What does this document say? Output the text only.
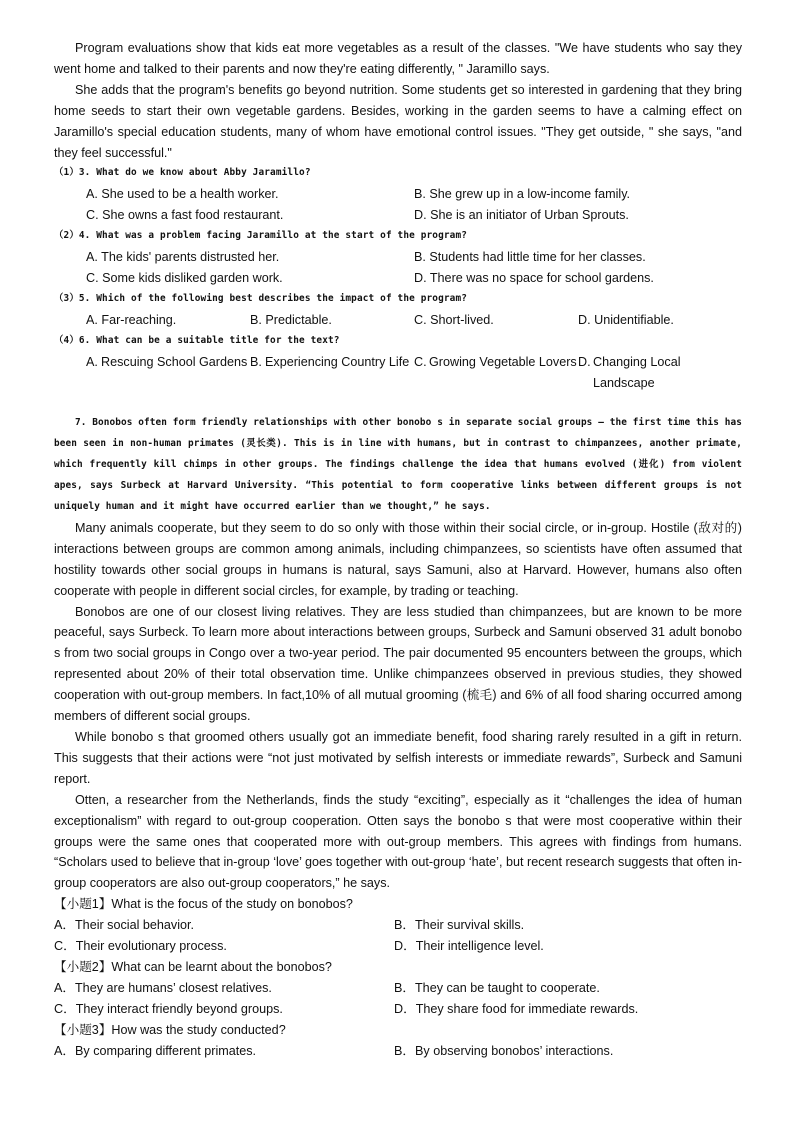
Program evaluations show that kids eat more vegetables as a result of the classes. "We have students who say they went home and talked to their parents and now they're eating differently, " Jaramillo says.

She adds that the program's benefits go beyond nutrition. Some students get so interested in gardening that they bring home seeds to start their own vegetable gardens. Besides, working in the garden seems to have a calming effect on Jaramillo's special education students, many of whom have emotional control issues. "They get outside, " she says, "and they feel successful."

（1）3. What do we know about Abby Jaramillo?

A. She used to be a health worker.	B. She grew up in a low-income family.
C. She owns a fast food restaurant.	D. She is an initiator of Urban Sprouts.

（2）4. What was a problem facing Jaramillo at the start of the program?

A. The kids' parents distrusted her.	B. Students had little time for her classes.
C. Some kids disliked garden work.	D. There was no space for school gardens.

（3）5. Which of the following best describes the impact of the program?

A. Far-reaching.	B. Predictable.	C. Short-lived.	D. Unidentifiable.

（4）6. What can be a suitable title for the text?

A. Rescuing School Gardens B. Experiencing Country Life C. Growing Vegetable Lovers D. Changing Local Landscape

7. Bonobos often form friendly relationships with other bonobo s in separate social groups — the first time this has been seen in non-human primates (灵长类). This is in line with humans, but in contrast to chimpanzees, another primate, which frequently kill chimps in other groups. The findings challenge the idea that humans evolved (进化) from violent apes, says Surbeck at Harvard University. “This potential to form cooperative links between different groups is not uniquely human and it might have occurred earlier than we thought,” he says.

Many animals cooperate, but they seem to do so only with those within their social circle, or in-group. Hostile (敌对的) interactions between groups are common among animals, including chimpanzees, so scientists have often assumed that hostility towards other social groups in humans is natural, says Samuni, also at Harvard. However, humans also often cooperate with people in different social circles, for example, by trading or teaching.

Bonobos are one of our closest living relatives. They are less studied than chimpanzees, but are known to be more peaceful, says Surbeck. To learn more about interactions between groups, Surbeck and Samuni observed 31 adult bonobo s from two social groups in Congo over a two-year period. The pair documented 95 encounters between the groups, which represented about 20% of their total observation time. Unlike chimpanzees observed in previous studies, they showed cooperation with out-group members. In fact,10% of all mutual grooming (梳毛) and 6% of all food sharing occurred among members of different social groups.

While bonobo s that groomed others usually got an immediate benefit, food sharing rarely resulted in a gift in return. This suggests that their actions were “not just motivated by selfish interests or immediate rewards”, Surbeck and Samuni report.

Otten, a researcher from the Netherlands, finds the study “exciting”, especially as it “challenges the idea of human exceptionalism” with regard to out-group cooperation. Otten says the bonobo s that were most cooperative within their groups were the same ones that cooperated more with out-group members. This agrees with findings from humans. “Scholars used to believe that in-group ‘love’ goes together with out-group ‘hate’, but recent research suggests that often in-group cooperators are also out-group cooperators,” he says.

【小题1】What is the focus of the study on bonobos?

A．Their social behavior.	B．Their survival skills.
C．Their evolutionary process.	D．Their intelligence level.

【小题2】What can be learnt about the bonobos?

A．They are humans’ closest relatives.	B．They can be taught to cooperate.
C．They interact friendly beyond groups.	D．They share food for immediate rewards.

【小题3】How was the study conducted?

A．By comparing different primates.	B．By observing bonobos’ interactions.
